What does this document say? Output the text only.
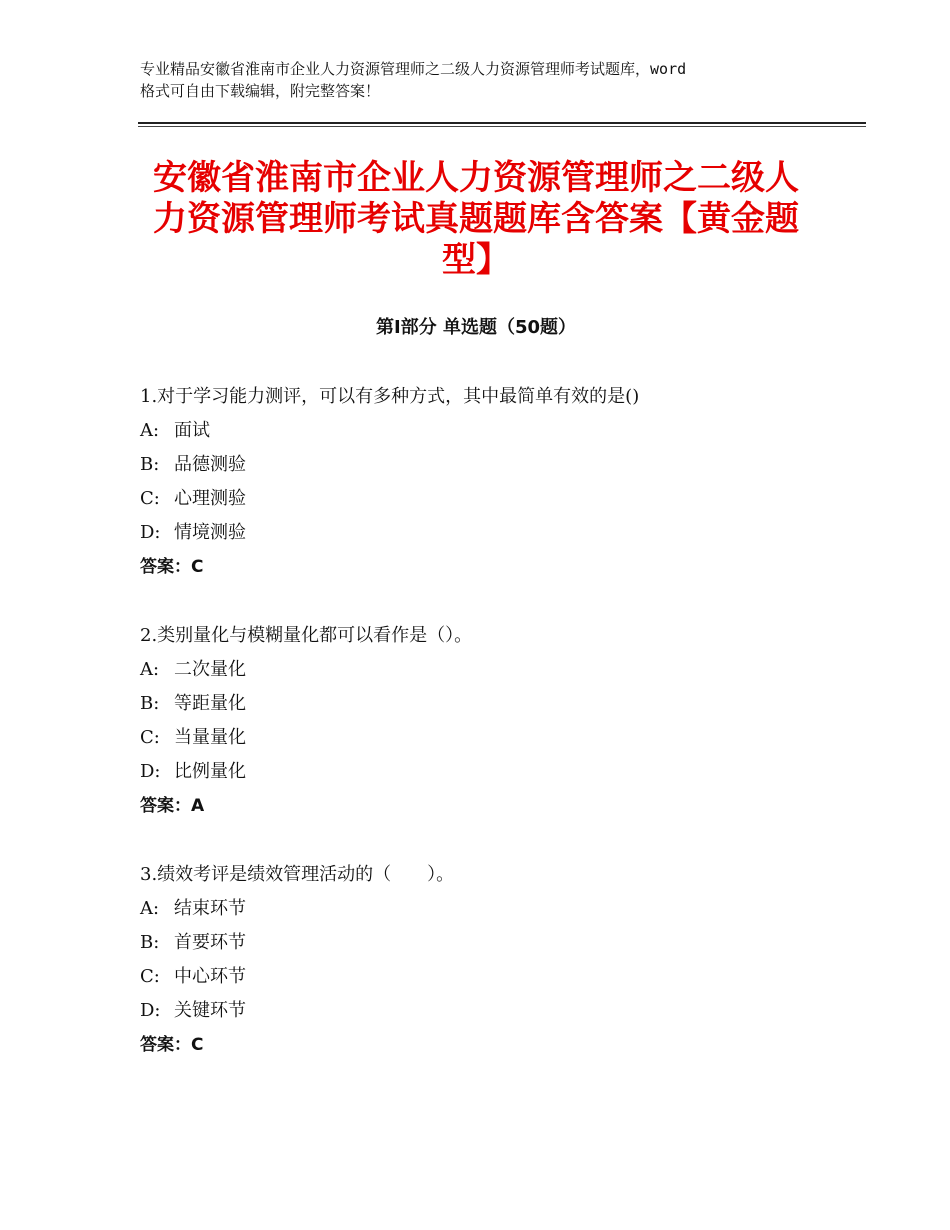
专业精品安徽省淮南市企业人力资源管理师之二级人力资源管理师考试题库，word
格式可自由下载编辑，附完整答案！
安徽省淮南市企业人力资源管理师之二级人
力资源管理师考试真题题库含答案【黄金题
型】
第Ⅰ部分 单选题（50题）
1.对于学习能力测评，可以有多种方式，其中最简单有效的是()
A: 面试
B: 品德测验
C: 心理测验
D: 情境测验
答案：C
2.类别量化与模糊量化都可以看作是（）。
A: 二次量化
B: 等距量化
C: 当量量化
D: 比例量化
答案：A
3.绩效考评是绩效管理活动的（　　）。
A: 结束环节
B: 首要环节
C: 中心环节
D: 关键环节
答案：C
